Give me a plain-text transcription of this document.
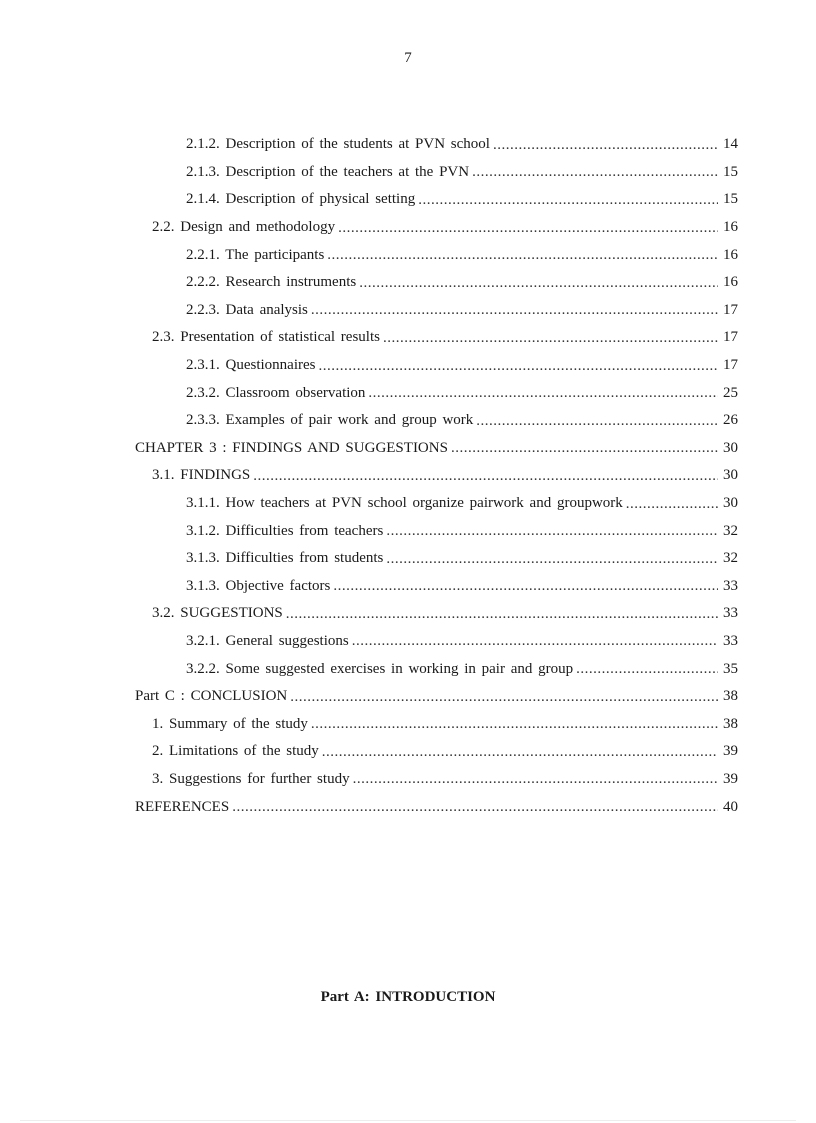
7
2.1.2. Description of the students at PVN school .....	14
2.1.3. Description of the teachers at the PVN .....	15
2.1.4. Description of physical setting .....	15
2.2. Design and methodology .....	16
2.2.1. The participants .....	16
2.2.2. Research instruments .....	16
2.2.3. Data analysis .....	17
2.3. Presentation of statistical results .....	17
2.3.1. Questionnaires .....	17
2.3.2. Classroom observation .....	25
2.3.3. Examples of pair work and group work .....	26
CHAPTER 3 : FINDINGS AND SUGGESTIONS .....	30
3.1. FINDINGS .....	30
3.1.1. How teachers at PVN school organize pairwork and groupwork .....	30
3.1.2. Difficulties from teachers .....	32
3.1.3. Difficulties from students .....	32
3.1.3. Objective factors .....	33
3.2. SUGGESTIONS .....	33
3.2.1. General suggestions .....	33
3.2.2. Some suggested exercises in working in pair and group .....	35
Part C : CONCLUSION .....	38
1. Summary of the study .....	38
2. Limitations of the study .....	39
3. Suggestions for further study .....	39
REFERENCES .....	40
Part A: INTRODUCTION
